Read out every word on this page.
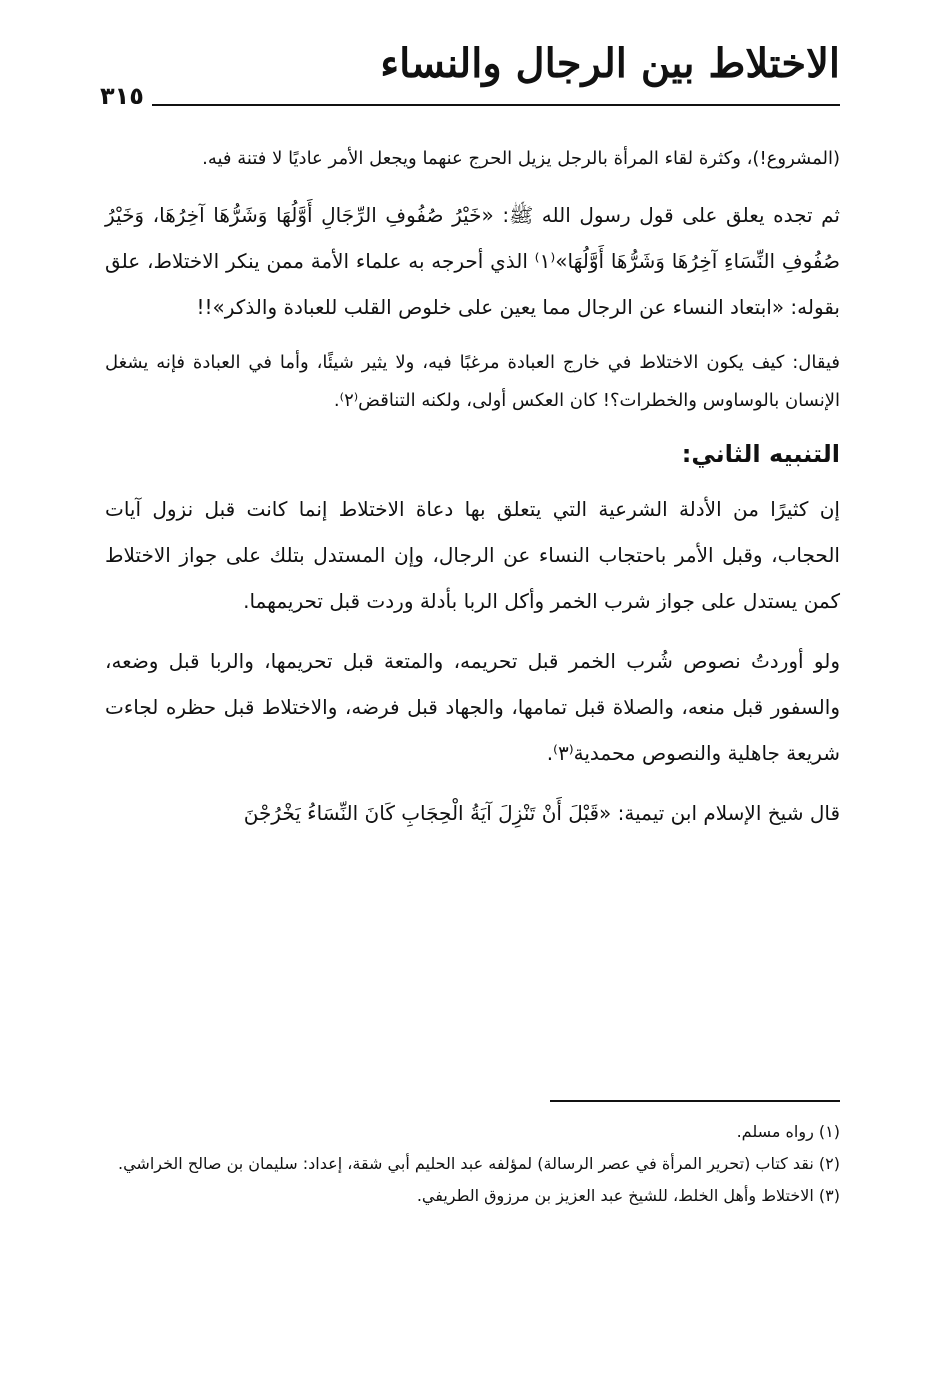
الاختلاط بين الرجال والنساء
٣١٥

(المشروع!)، وكثرة لقاء المرأة بالرجل يزيل الحرج عنهما ويجعل الأمر عاديًا لا فتنة فيه.

ثم تجده يعلق على قول رسول الله ﷺ: «خَيْرُ صُفُوفِ الرِّجَالِ أَوَّلُهَا وَشَرُّهَا آخِرُهَا، وَخَيْرُ صُفُوفِ النِّسَاءِ آخِرُهَا وَشَرُّهَا أَوَّلُهَا»⁽١⁾ الذي أحرجه به علماء الأمة ممن ينكر الاختلاط، علق بقوله: «ابتعاد النساء عن الرجال مما يعين على خلوص القلب للعبادة والذكر»!!

فيقال: كيف يكون الاختلاط في خارج العبادة مرغبًا فيه، ولا يثير شيئًا، وأما في العبادة فإنه يشغل الإنسان بالوساوس والخطرات؟! كان العكس أولى، ولكنه التناقض⁽٢⁾.

التنبيه الثاني:

إن كثيرًا من الأدلة الشرعية التي يتعلق بها دعاة الاختلاط إنما كانت قبل نزول آيات الحجاب، وقبل الأمر باحتجاب النساء عن الرجال، وإن المستدل بتلك على جواز الاختلاط كمن يستدل على جواز شرب الخمر وأكل الربا بأدلة وردت قبل تحريمهما.

ولو أوردتُ نصوص شُرب الخمر قبل تحريمه، والمتعة قبل تحريمها، والربا قبل وضعه، والسفور قبل منعه، والصلاة قبل تمامها، والجهاد قبل فرضه، والاختلاط قبل حظره لجاءت شريعة جاهلية والنصوص محمدية⁽٣⁾.

قال شيخ الإسلام ابن تيمية: «قَبْلَ أَنْ تَنْزِلَ آيَةُ الْحِجَابِ كَانَ النِّسَاءُ يَخْرُجْنَ

(١) رواه مسلم.

(٢) نقد كتاب (تحرير المرأة في عصر الرسالة) لمؤلفه عبد الحليم أبي شقة، إعداد: سليمان بن صالح الخراشي.

(٣) الاختلاط وأهل الخلط، للشيخ عبد العزيز بن مرزوق الطريفي.
